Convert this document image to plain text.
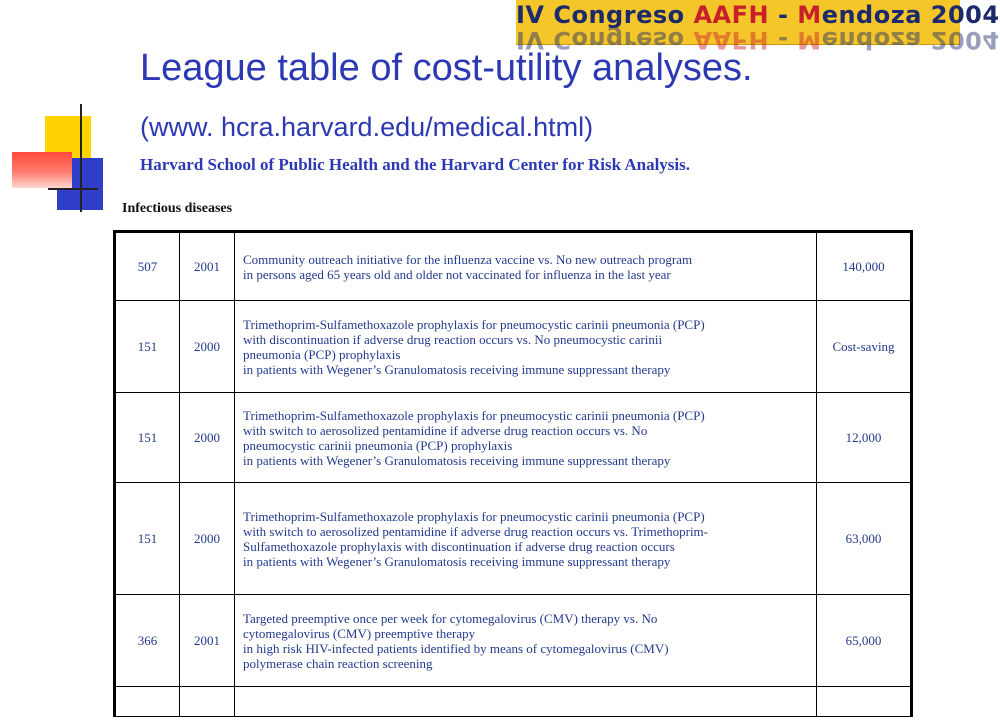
IV Congreso AAFH - Mendoza 2004
IV Congreso AAFH - Mendoza 2004
League table of cost-utility analyses.
(www. hcra.harvard.edu/medical.html)
Harvard School of Public Health and the Harvard Center for Risk Analysis.
Infectious diseases
507	2001	Community outreach initiative for the influenza vaccine vs. No new outreach program
in persons aged 65 years old and older not vaccinated for influenza in the last year	140,000
151	2000	Trimethoprim-Sulfamethoxazole prophylaxis for pneumocystic carinii pneumonia (PCP)
with discontinuation if adverse drug reaction occurs vs. No pneumocystic carinii
pneumonia (PCP) prophylaxis
in patients with Wegener’s Granulomatosis receiving immune suppressant therapy	Cost-saving
151	2000	Trimethoprim-Sulfamethoxazole prophylaxis for pneumocystic carinii pneumonia (PCP)
with switch to aerosolized pentamidine if adverse drug reaction occurs vs. No
pneumocystic carinii pneumonia (PCP) prophylaxis
in patients with Wegener’s Granulomatosis receiving immune suppressant therapy	12,000
151	2000	Trimethoprim-Sulfamethoxazole prophylaxis for pneumocystic carinii pneumonia (PCP)
with switch to aerosolized pentamidine if adverse drug reaction occurs vs. Trimethoprim-
Sulfamethoxazole prophylaxis with discontinuation if adverse drug reaction occurs
in patients with Wegener’s Granulomatosis receiving immune suppressant therapy	63,000
366	2001	Targeted preemptive once per week for cytomegalovirus (CMV) therapy vs. No
cytomegalovirus (CMV) preemptive therapy
in high risk HIV-infected patients identified by means of cytomegalovirus (CMV)
polymerase chain reaction screening	65,000
